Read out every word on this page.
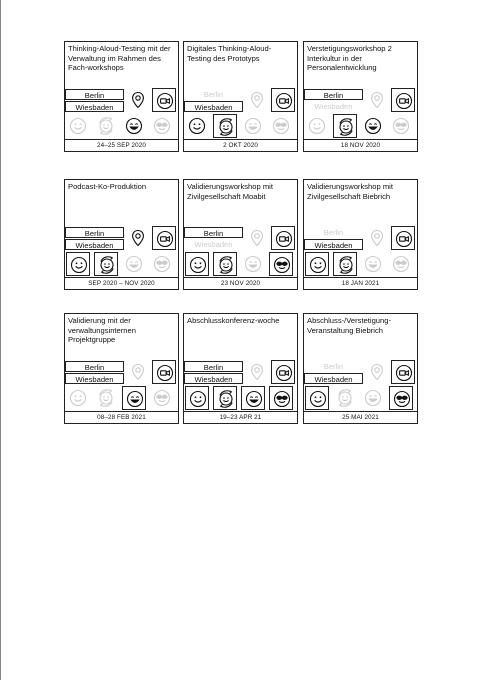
Thinking-Aloud-Testing mit der Verwaltung im Rahmen des Fach-workshops
Berlin
Wiesbaden
24–25 SEP 2020
Digitales Thinking-Aloud-Testing des Prototyps
Berlin
Wiesbaden
2 OKT 2020
Verstetigungsworkshop 2 Interkultur in der Personalentwicklung
Berlin
Wiesbaden
18 NOV 2020
Podcast-Ko-Produktion
Berlin
Wiesbaden
SEP 2020 – NOV 2020
Validierungsworkshop mit Zivilgesellschaft Moabit
Berlin
Wiesbaden
23 NOV 2020
Validierungsworkshop mit Zivilgesellschaft Biebrich
Berlin
Wiesbaden
18 JAN 2021
Validierung mit der verwaltungsinternen Projektgruppe
Berlin
Wiesbaden
08–28 FEB 2021
Abschlusskonferenz-woche
Berlin
Wiesbaden
19–23 APR 21
Abschluss-/Verstetigung-Veranstaltung Biebrich
Berlin
Wiesbaden
25 MAI 2021
